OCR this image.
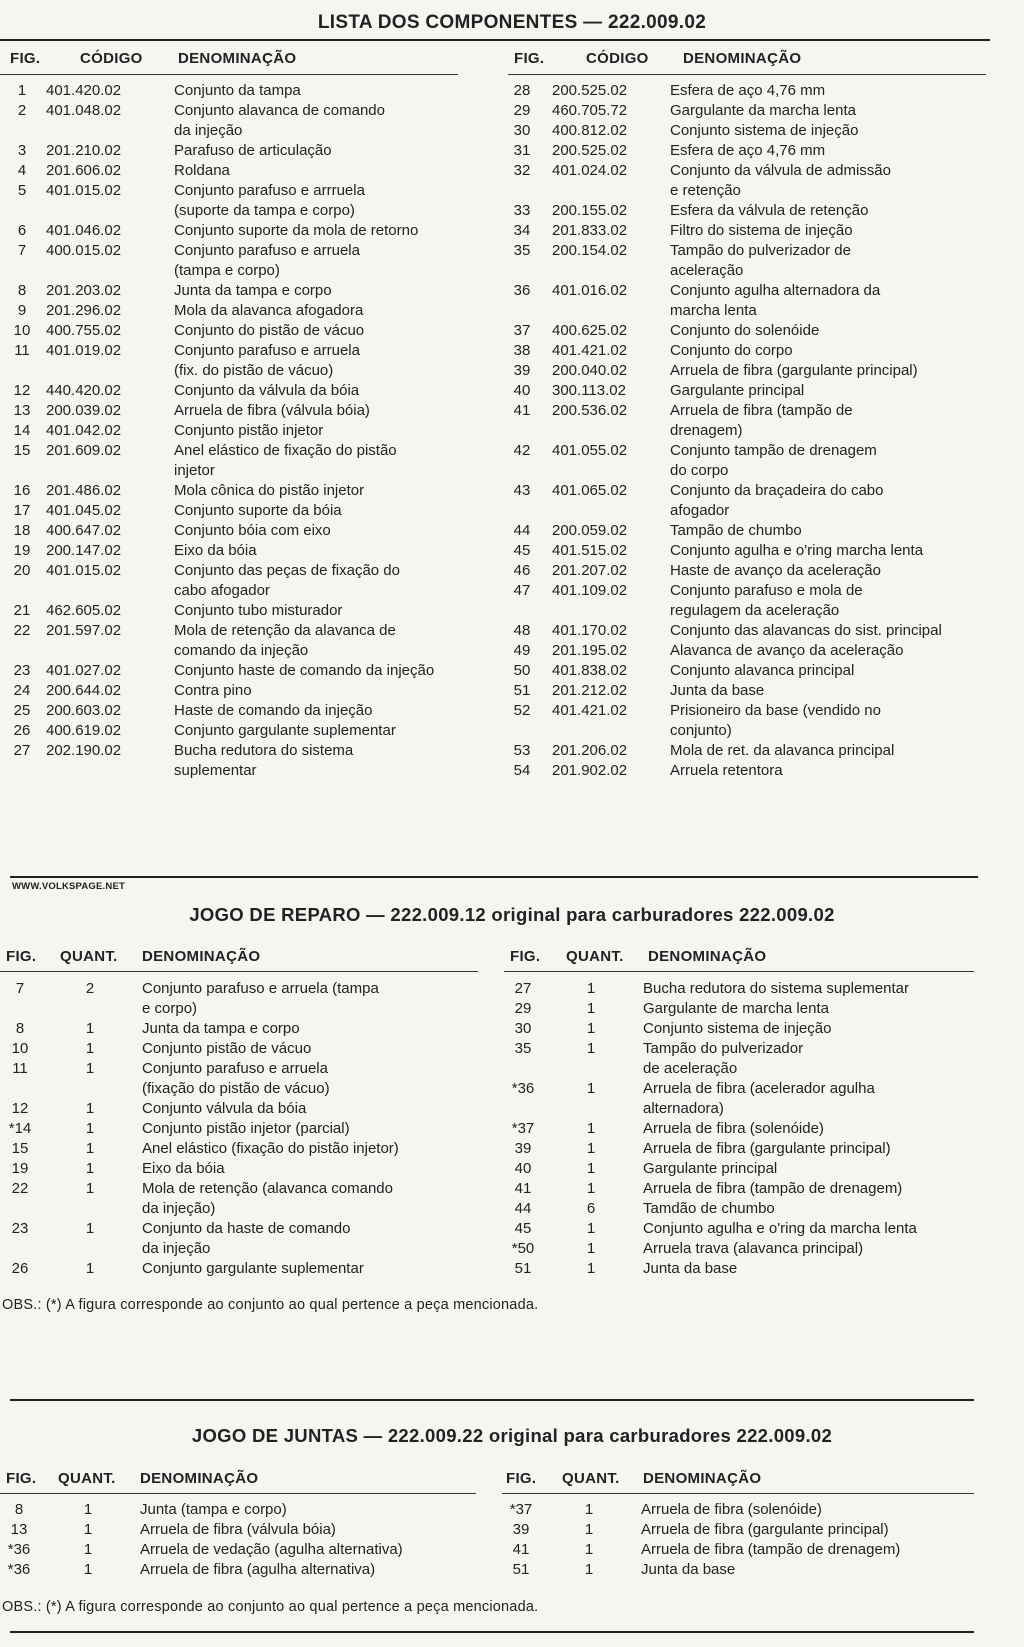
LISTA DOS COMPONENTES — 222.009.02
FIG.	CÓDIGO DENOMINAÇÃO	FIG.	CÓDIGO DENOMINAÇÃO
1	401.420.02	Conjunto da tampa
2	401.048.02	Conjunto alavanca de comando
da injeção
3	201.210.02	Parafuso de articulação
4	201.606.02	Roldana
5	401.015.02	Conjunto parafuso e arrruela
(suporte da tampa e corpo)
6	401.046.02	Conjunto suporte da mola de retorno
7	400.015.02	Conjunto parafuso e arruela
(tampa e corpo)
8	201.203.02	Junta da tampa e corpo
9	201.296.02	Mola da alavanca afogadora
10	400.755.02	Conjunto do pistão de vácuo
11	401.019.02	Conjunto parafuso e arruela
(fix. do pistão de vácuo)
12	440.420.02	Conjunto da válvula da bóia
13	200.039.02	Arruela de fibra (válvula bóia)
14	401.042.02	Conjunto pistão injetor
15	201.609.02	Anel elástico de fixação do pistão
injetor
16	201.486.02	Mola cônica do pistão injetor
17	401.045.02	Conjunto suporte da bóia
18	400.647.02	Conjunto bóia com eixo
19	200.147.02	Eixo da bóia
20	401.015.02	Conjunto das peças de fixação do
cabo afogador
21	462.605.02	Conjunto tubo misturador
22	201.597.02	Mola de retenção da alavanca de
comando da injeção
23	401.027.02	Conjunto haste de comando da injeção
24	200.644.02	Contra pino
25	200.603.02	Haste de comando da injeção
26	400.619.02	Conjunto gargulante suplementar
27	202.190.02	Bucha redutora do sistema
suplementar
28	200.525.02	Esfera de aço 4,76 mm
29	460.705.72	Gargulante da marcha lenta
30	400.812.02	Conjunto sistema de injeção
31	200.525.02	Esfera de aço 4,76 mm
32	401.024.02	Conjunto da válvula de admissão
e retenção
33	200.155.02	Esfera da válvula de retenção
34	201.833.02	Filtro do sistema de injeção
35	200.154.02	Tampão do pulverizador de
aceleração
36	401.016.02	Conjunto agulha alternadora da
marcha lenta
37	400.625.02	Conjunto do solenóide
38	401.421.02	Conjunto do corpo
39	200.040.02	Arruela de fibra (gargulante principal)
40	300.113.02	Gargulante principal
41	200.536.02	Arruela de fibra (tampão de
drenagem)
42	401.055.02	Conjunto tampão de drenagem
do corpo
43	401.065.02	Conjunto da braçadeira do cabo
afogador
44	200.059.02	Tampão de chumbo
45	401.515.02	Conjunto agulha e o'ring marcha lenta
46	201.207.02	Haste de avanço da aceleração
47	401.109.02	Conjunto parafuso e mola de
regulagem da aceleração
48	401.170.02	Conjunto das alavancas do sist. principal
49	201.195.02	Alavanca de avanço da aceleração
50	401.838.02	Conjunto alavanca principal
51	201.212.02	Junta da base
52	401.421.02	Prisioneiro da base (vendido no
conjunto)
53	201.206.02	Mola de ret. da alavanca principal
54	201.902.02	Arruela retentora
WWW.VOLKSPAGE.NET
JOGO DE REPARO — 222.009.12 original para carburadores 222.009.02
FIG. QUANT. DENOMINAÇÃO	FIG. QUANT. DENOMINAÇÃO
7	2	Conjunto parafuso e arruela (tampa
e corpo)
8	1	Junta da tampa e corpo
10	1	Conjunto pistão de vácuo
11	1	Conjunto parafuso e arruela
(fixação do pistão de vácuo)
12	1	Conjunto válvula da bóia
*14	1	Conjunto pistão injetor (parcial)
15	1	Anel elástico (fixação do pistão injetor)
19	1	Eixo da bóia
22	1	Mola de retenção (alavanca comando
da injeção)
23	1	Conjunto da haste de comando
da injeção
26	1	Conjunto gargulante suplementar
27	1	Bucha redutora do sistema suplementar
29	1	Gargulante de marcha lenta
30	1	Conjunto sistema de injeção
35	1	Tampão do pulverizador
de aceleração
*36	1	Arruela de fibra (acelerador agulha
alternadora)
*37	1	Arruela de fibra (solenóide)
39	1	Arruela de fibra (gargulante principal)
40	1	Gargulante principal
41	1	Arruela de fibra (tampão de drenagem)
44	6	Tamdão de chumbo
45	1	Conjunto agulha e o'ring da marcha lenta
*50	1	Arruela trava (alavanca principal)
51	1	Junta da base
OBS.: (*) A figura corresponde ao conjunto ao qual pertence a peça mencionada.
JOGO DE JUNTAS — 222.009.22 original para carburadores 222.009.02
FIG. QUANT. DENOMINAÇÃO	FIG. QUANT. DENOMINAÇÃO
8	1	Junta (tampa e corpo)
13	1	Arruela de fibra (válvula bóia)
*36	1	Arruela de vedação (agulha alternativa)
*36	1	Arruela de fibra (agulha alternativa)
*37	1	Arruela de fibra (solenóide)
39	1	Arruela de fibra (gargulante principal)
41	1	Arruela de fibra (tampão de drenagem)
51	1	Junta da base
OBS.: (*) A figura corresponde ao conjunto ao qual pertence a peça mencionada.
